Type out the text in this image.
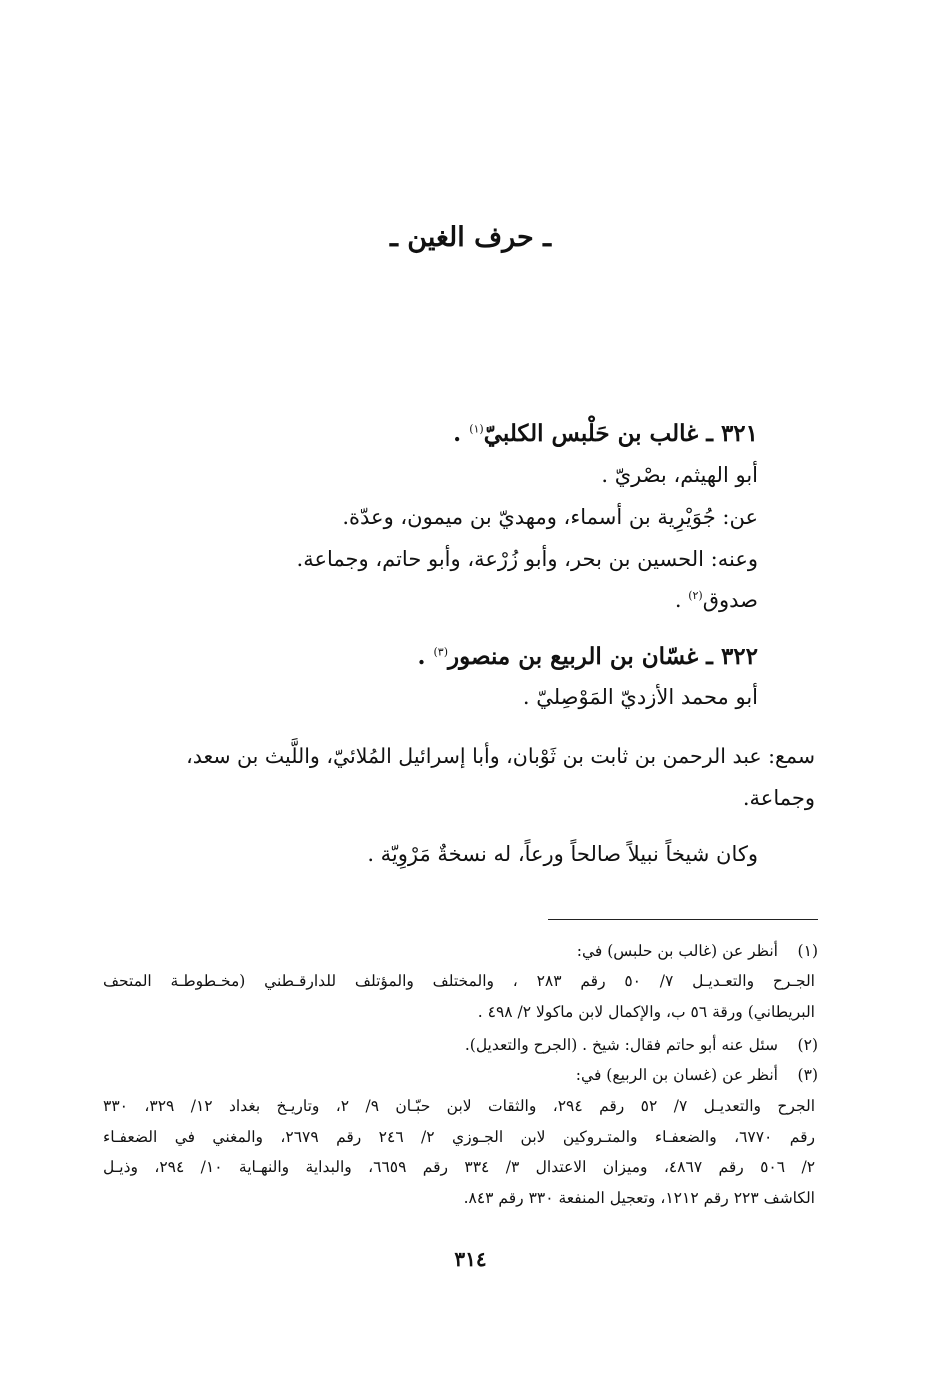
ـ حرف الغين ـ
٣٢١ ـ غالب بن حَلْبس الكلبيّ$^{(١)}$ .
أبو الهيثم، بصْريّ .
عن: جُوَيْرِية بن أسماء، ومهديّ بن ميمون، وعدّة.
وعنه: الحسين بن بحر، وأبو زُرْعة، وأبو حاتم، وجماعة.
صدوق$^{(٢)}$ .
٣٢٢ ـ غسّان بن الربيع بن منصور$^{(٣)}$ .
أبو محمد الأزديّ المَوْصِليّ .
سمع: عبد الرحمن بن ثابت بن ثَوْبان، وأبا إسرائيل المُلائيّ، واللَّيث بن سعد،
وجماعة.
وكان شيخاً نبيلاً صالحاً ورعاً، له نسخةٌ مَرْوِيّة .
(١)
أنظر عن (غالب بن حلبس) في:
الجـرح والتعـديـل ٧/ ٥٠ رقم ٢٨٣ ، والمختلف والمؤتلف للدارقـطني (مخـطوطـة المتحف
البريطاني) ورقة ٥٦ ب، والإكمال لابن ماكولا ٢/ ٤٩٨ .
(٢)
سئل عنه أبو حاتم فقال: شيخ . (الجرح والتعديل).
(٣)
أنظر عن (غسان بن الربيع) في:
الجرح والتعديـل ٧/ ٥٢ رقم ٢٩٤، والثقات لابن حبّـان ٩/ ٢، وتاريـخ بغداد ١٢/ ٣٢٩، ٣٣٠
رقم ٦٧٧٠، والضعفـاء والمتـروكين لابن الجـوزي ٢/ ٢٤٦ رقم ٢٦٧٩، والمغني في الضعفـاء
٢/ ٥٠٦ رقم ٤٨٦٧، وميزان الاعتدال ٣/ ٣٣٤ رقم ٦٦٥٩، والبداية والنهـاية ١٠/ ٢٩٤، وذيـل
الكاشف ٢٢٣ رقم ١٢١٢، وتعجيل المنفعة ٣٣٠ رقم ٨٤٣.
٣١٤
